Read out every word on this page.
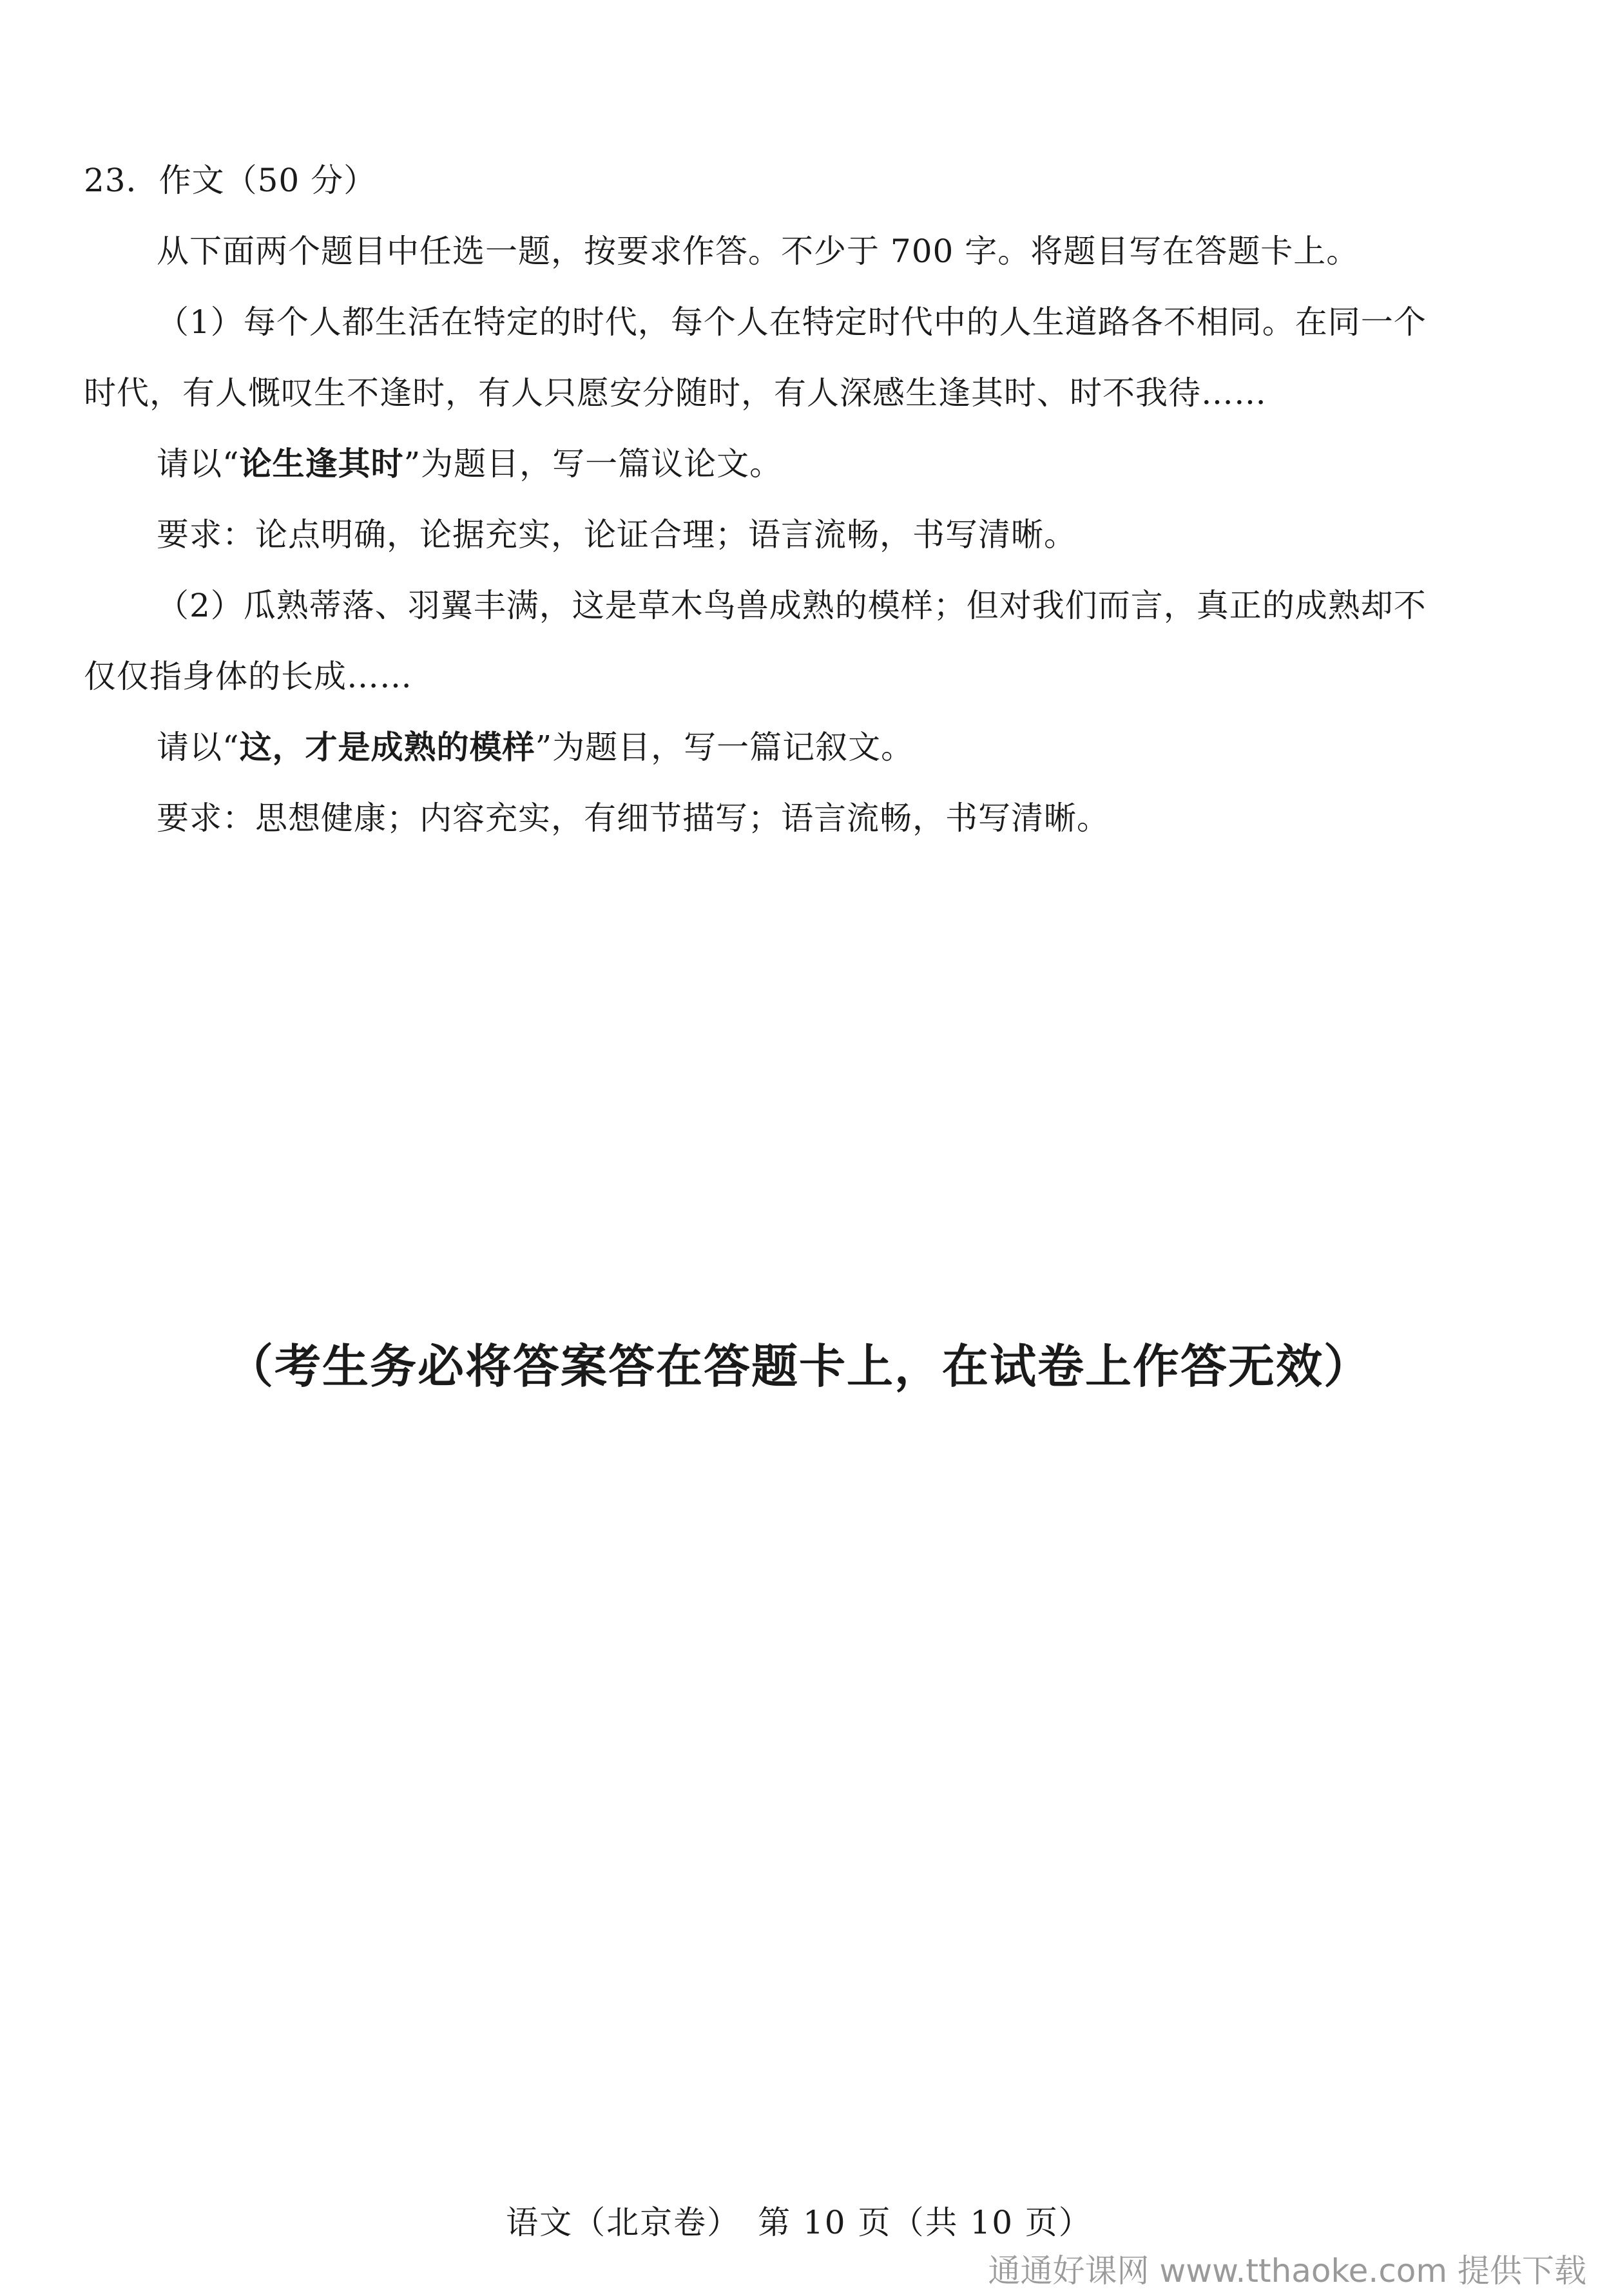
23．作文（50 分）
从下面两个题目中任选一题，按要求作答。不少于 700 字。将题目写在答题卡上。
（1）每个人都生活在特定的时代，每个人在特定时代中的人生道路各不相同。在同一个
时代，有人慨叹生不逢时，有人只愿安分随时，有人深感生逢其时、时不我待……
请以“论生逢其时”为题目，写一篇议论文。
要求：论点明确，论据充实，论证合理；语言流畅，书写清晰。
（2）瓜熟蒂落、羽翼丰满，这是草木鸟兽成熟的模样；但对我们而言，真正的成熟却不
仅仅指身体的长成……
请以“这，才是成熟的模样”为题目，写一篇记叙文。
要求：思想健康；内容充实，有细节描写；语言流畅，书写清晰。
（考生务必将答案答在答题卡上，在试卷上作答无效）
语文（北京卷）　第 10 页（共 10 页）
通通好课网 www.tthaoke.com 提供下载
